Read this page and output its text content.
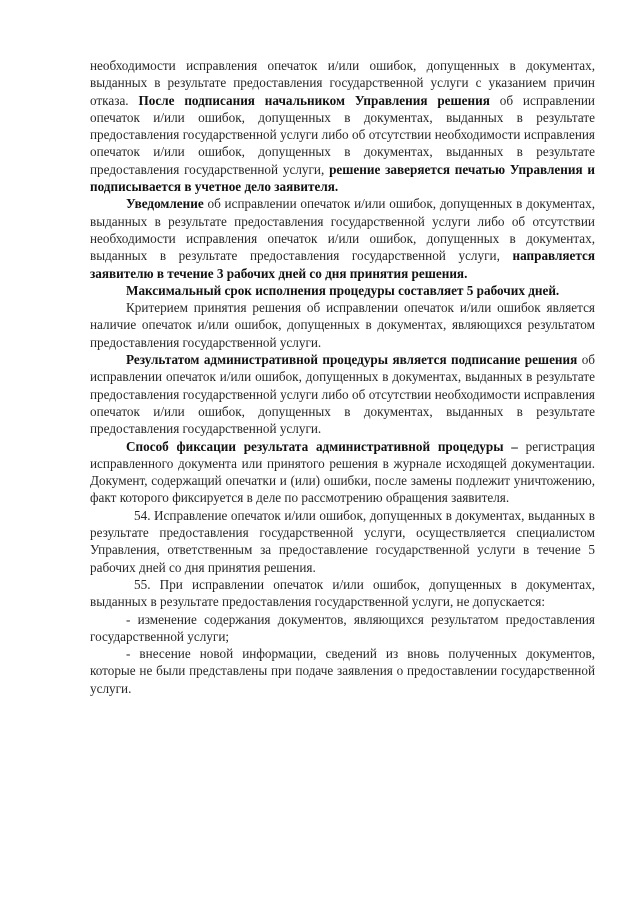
необходимости исправления опечаток и/или ошибок, допущенных в документах, выданных в результате предоставления государственной услуги с указанием причин отказа. После подписания начальником Управления решения об исправлении опечаток и/или ошибок, допущенных в документах, выданных в результате предоставления государственной услуги либо об отсутствии необходимости исправления опечаток и/или ошибок, допущенных в документах, выданных в результате предоставления государственной услуги, решение заверяется печатью Управления и подписывается в учетное дело заявителя.

Уведомление об исправлении опечаток и/или ошибок, допущенных в документах, выданных в результате предоставления государственной услуги либо об отсутствии необходимости исправления опечаток и/или ошибок, допущенных в документах, выданных в результате предоставления государственной услуги, направляется заявителю в течение 3 рабочих дней со дня принятия решения.

Максимальный срок исполнения процедуры составляет 5 рабочих дней.

Критерием принятия решения об исправлении опечаток и/или ошибок является наличие опечаток и/или ошибок, допущенных в документах, являющихся результатом предоставления государственной услуги.

Результатом административной процедуры является подписание решения об исправлении опечаток и/или ошибок, допущенных в документах, выданных в результате предоставления государственной услуги либо об отсутствии необходимости исправления опечаток и/или ошибок, допущенных в документах, выданных в результате предоставления государственной услуги.

Способ фиксации результата административной процедуры – регистрация исправленного документа или принятого решения в журнале исходящей документации. Документ, содержащий опечатки и (или) ошибки, после замены подлежит уничтожению, факт которого фиксируется в деле по рассмотрению обращения заявителя.

54. Исправление опечаток и/или ошибок, допущенных в документах, выданных в результате предоставления государственной услуги, осуществляется специалистом Управления, ответственным за предоставление государственной услуги в течение 5 рабочих дней со дня принятия решения.

55. При исправлении опечаток и/или ошибок, допущенных в документах, выданных в результате предоставления государственной услуги, не допускается:

- изменение содержания документов, являющихся результатом предоставления государственной услуги;

- внесение новой информации, сведений из вновь полученных документов, которые не были представлены при подаче заявления о предоставлении государственной услуги.
